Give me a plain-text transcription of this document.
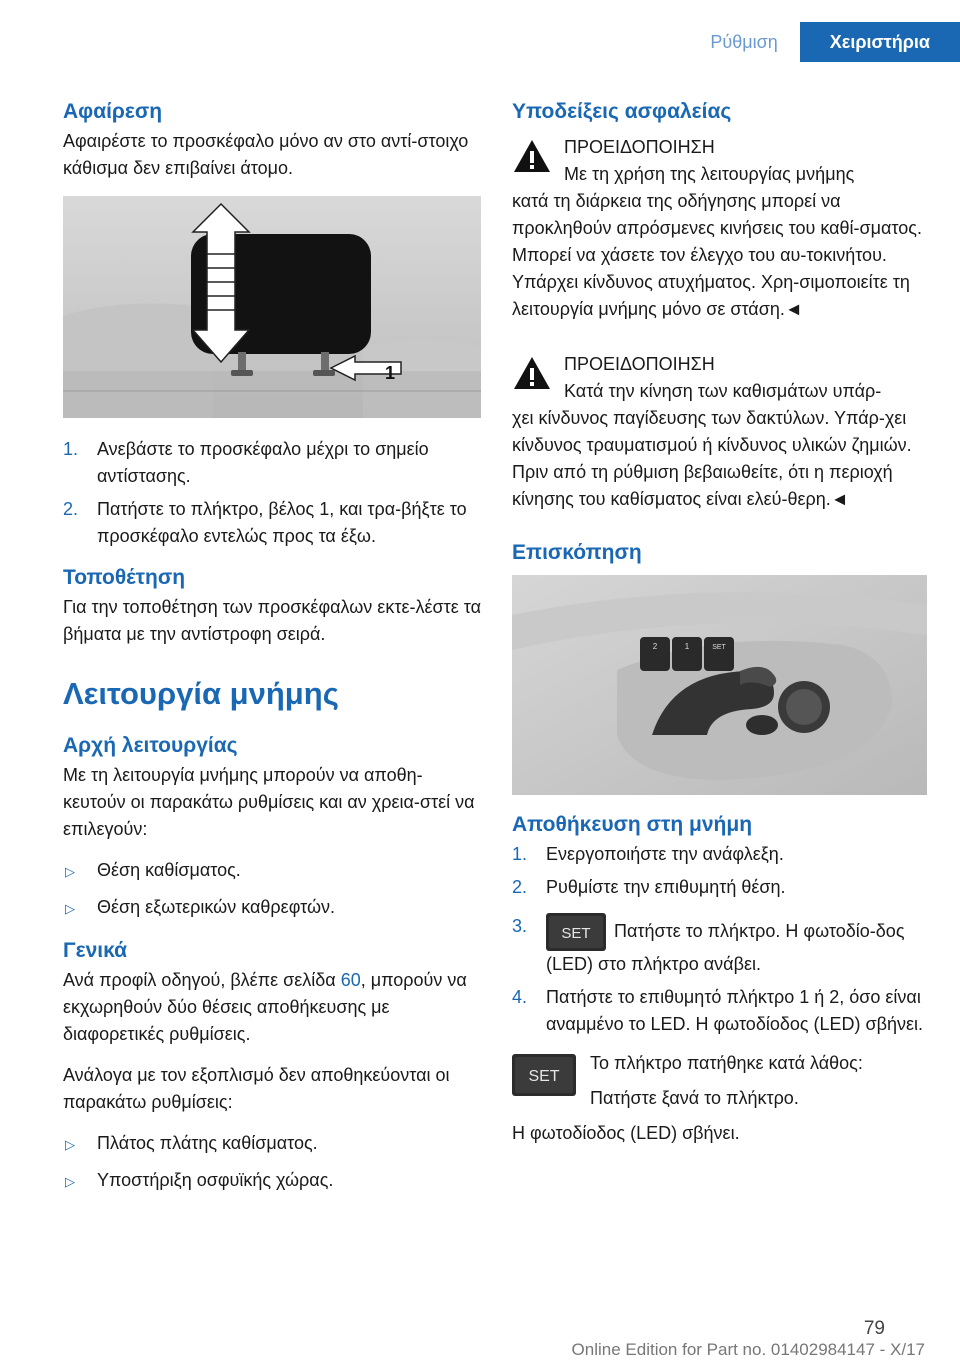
Ρύθμιση	Χειριστήρια
Αφαίρεση

Αφαιρέστε το προσκέφαλο μόνο αν στο αντί-στοιχο κάθισμα δεν επιβαίνει άτομο.

1
1. Ανεβάστε το προσκέφαλο μέχρι το σημείο αντίστασης.
2. Πατήστε το πλήκτρο, βέλος 1, και τρα-βήξτε το προσκέφαλο εντελώς προς τα έξω.
Τοποθέτηση

Για την τοποθέτηση των προσκέφαλων εκτε-λέστε τα βήματα με την αντίστροφη σειρά.

Λειτουργία μνήμης
Αρχή λειτουργίας

Με τη λειτουργία μνήμης μπορούν να αποθη-κευτούν οι παρακάτω ρυθμίσεις και αν χρεια-στεί να επιλεγούν:

▷ Θέση καθίσματος.
▷ Θέση εξωτερικών καθρεφτών.
Γενικά

Ανά προφίλ οδηγού, βλέπε σελίδα 60, μπορούν να εκχωρηθούν δύο θέσεις αποθήκευσης με διαφορετικές ρυθμίσεις.

Ανάλογα με τον εξοπλισμό δεν αποθηκεύονται οι παρακάτω ρυθμίσεις:

▷ Πλάτος πλάτης καθίσματος.
▷ Υποστήριξη οσφυϊκής χώρας.
Υποδείξεις ασφαλείας

ΠΡΟΕΙΔΟΠΟΙΗΣΗ

Με τη χρήση της λειτουργίας μνήμης

κατά τη διάρκεια της οδήγησης μπορεί να προκληθούν απρόσμενες κινήσεις του καθί-σματος. Μπορεί να χάσετε τον έλεγχο του αυ-τοκινήτου. Υπάρχει κίνδυνος ατυχήματος. Χρη-σιμοποιείτε τη λειτουργία μνήμης μόνο σε στάση.◄

ΠΡΟΕΙΔΟΠΟΙΗΣΗ

Κατά την κίνηση των καθισμάτων υπάρ-

χει κίνδυνος παγίδευσης των δακτύλων. Υπάρ-χει κίνδυνος τραυματισμού ή κίνδυνος υλικών ζημιών. Πριν από τη ρύθμιση βεβαιωθείτε, ότι η περιοχή κίνησης του καθίσματος είναι ελεύ-θερη.◄

Επισκόπηση
2	1	SET
Αποθήκευση στη μνήμη
1. Ενεργοποιήστε την ανάφλεξη.
2. Ρυθμίστε την επιθυμητή θέση.
3. SET Πατήστε το πλήκτρο. Η φωτοδίο-δος (LED) στο πλήκτρο ανάβει.
4. Πατήστε το επιθυμητό πλήκτρο 1 ή 2, όσο είναι αναμμένο το LED. Η φωτοδίοδος (LED) σβήνει.
SET

Το πλήκτρο πατήθηκε κατά λάθος:

Πατήστε ξανά το πλήκτρο.

Η φωτοδίοδος (LED) σβήνει.

79
Online Edition for Part no. 01402984147 - X/17
